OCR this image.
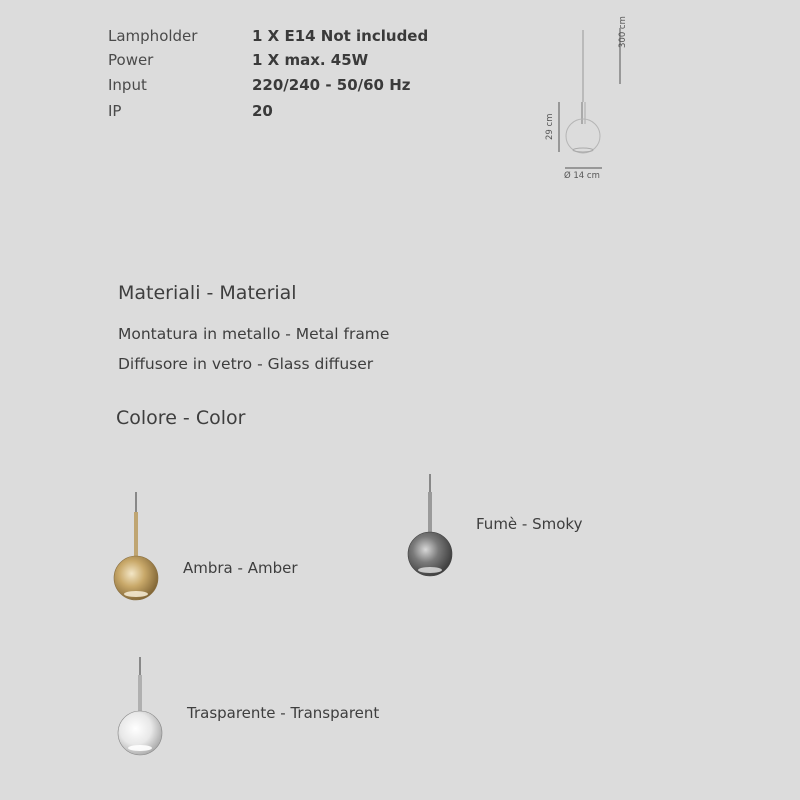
Lampholder	1 X E14 Not included
Power	1 X max. 45W
Input	220/240 - 50/60 Hz
IP	20
300 cm
29 cm
Ø 14 cm
Materiali - Material
Montatura in metallo - Metal frame
Diffusore in vetro - Glass diffuser
Colore - Color
Ambra - Amber
Fumè - Smoky
Trasparente - Transparent
